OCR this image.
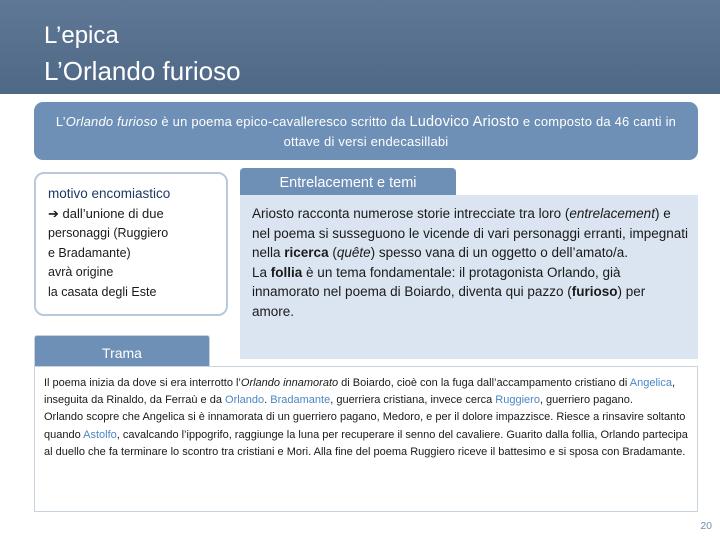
L’epica
L’Orlando furioso
L’Orlando furioso è un poema epico-cavalleresco scritto da Ludovico Ariosto e composto da 46 canti in ottave di versi endecasillabi
motivo encomiastico
➔ dall’unione di due
personaggi (Ruggiero
e Bradamante)
avrà origine
la casata degli Este
Trama
Entrelacement e temi

Ariosto racconta numerose storie intrecciate tra loro (entrelacement) e nel poema si susseguono le vicende di vari personaggi erranti, impegnati nella ricerca (quête) spesso vana di un oggetto o dell’amato/a.

La follia è un tema fondamentale: il protagonista Orlando, già innamorato nel poema di Boiardo, diventa qui pazzo (furioso) per amore.

Il poema inizia da dove si era interrotto l’Orlando innamorato di Boiardo, cioè con la fuga dall’accampamento cristiano di Angelica, inseguita da Rinaldo, da Ferraù e da Orlando. Bradamante, guerriera cristiana, invece cerca Ruggiero, guerriero pagano.

Orlando scopre che Angelica si è innamorata di un guerriero pagano, Medoro, e per il dolore impazzisce. Riesce a rinsavire soltanto quando Astolfo, cavalcando l’ippogrifo, raggiunge la luna per recuperare il senno del cavaliere. Guarito dalla follia, Orlando partecipa al duello che fa terminare lo scontro tra cristiani e Mori. Alla fine del poema Ruggiero riceve il battesimo e si sposa con Bradamante.

20
